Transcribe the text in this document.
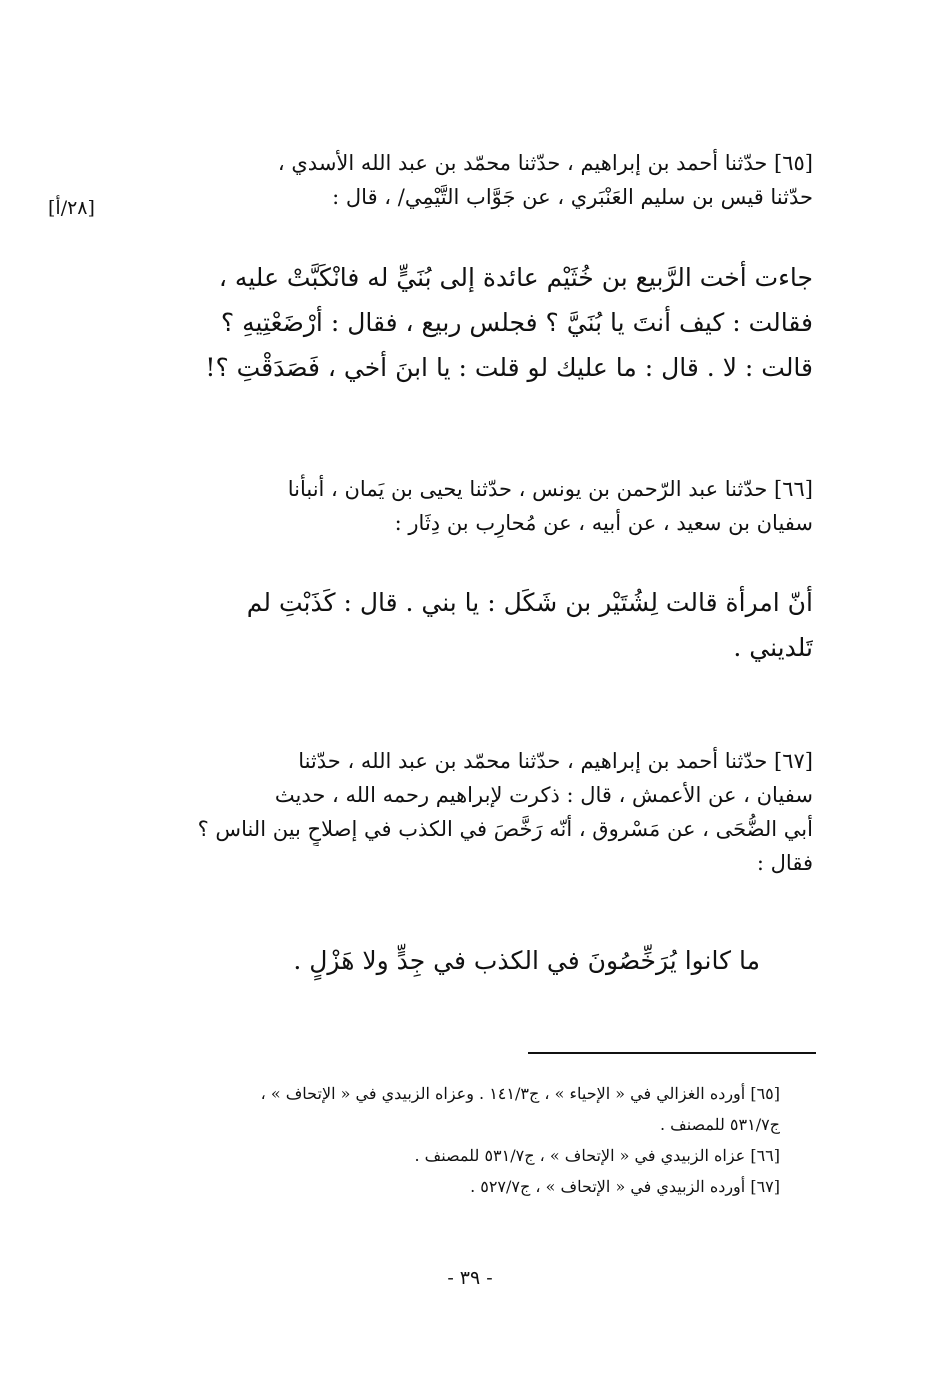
[٦٥] حدّثنا أحمد بن إبراهيم ، حدّثنا محمّد بن عبد الله الأسدي ،
حدّثنا قيس بن سليم العَنْبَري ، عن جَوَّاب التَّيْمِي/ ، قال :
[٢٨/أ]
جاءت أخت الرَّبيع بن خُثَيْم عائدة إلى بُنَيٍّ له فانْكَبَّتْ عليه ،
فقالت : كيف أنتَ يا بُنَيَّ ؟ فجلس ربيع ، فقال : أرْضَعْتِيهِ ؟
قالت : لا . قال : ما عليك لو قلت : يا ابنَ أخي ، فَصَدَقْتِ ؟!
[٦٦] حدّثنا عبد الرّحمن بن يونس ، حدّثنا يحيى بن يَمان ، أنبأنا
سفيان بن سعيد ، عن أبيه ، عن مُحارِب بن دِثَار :
أنّ امرأة قالت لِشُتَيْر بن شَكَل : يا بني . قال : كَذَبْتِ لم
تَلديني .
[٦٧] حدّثنا أحمد بن إبراهيم ، حدّثنا محمّد بن عبد الله ، حدّثنا
سفيان ، عن الأعمش ، قال : ذكرت لإبراهيم رحمه الله ، حديث
أبي الضُّحَى ، عن مَسْروق ، أنّه رَخَّصَ في الكذب في إصلاحٍ بين الناس ؟
فقال :
ما كانوا يُرَخِّصُونَ في الكذب في جِدٍّ ولا هَزْلٍ .
[٦٥] أورده الغزالي في « الإحياء » ، ج١٤١/٣ . وعزاه الزبيدي في « الإتحاف » ،
ج٥٣١/٧ للمصنف .
[٦٦] عزاه الزبيدي في « الإتحاف » ، ج٥٣١/٧ للمصنف .
[٦٧] أورده الزبيدي في « الإتحاف » ، ج٥٢٧/٧ .
- ٣٩ -
